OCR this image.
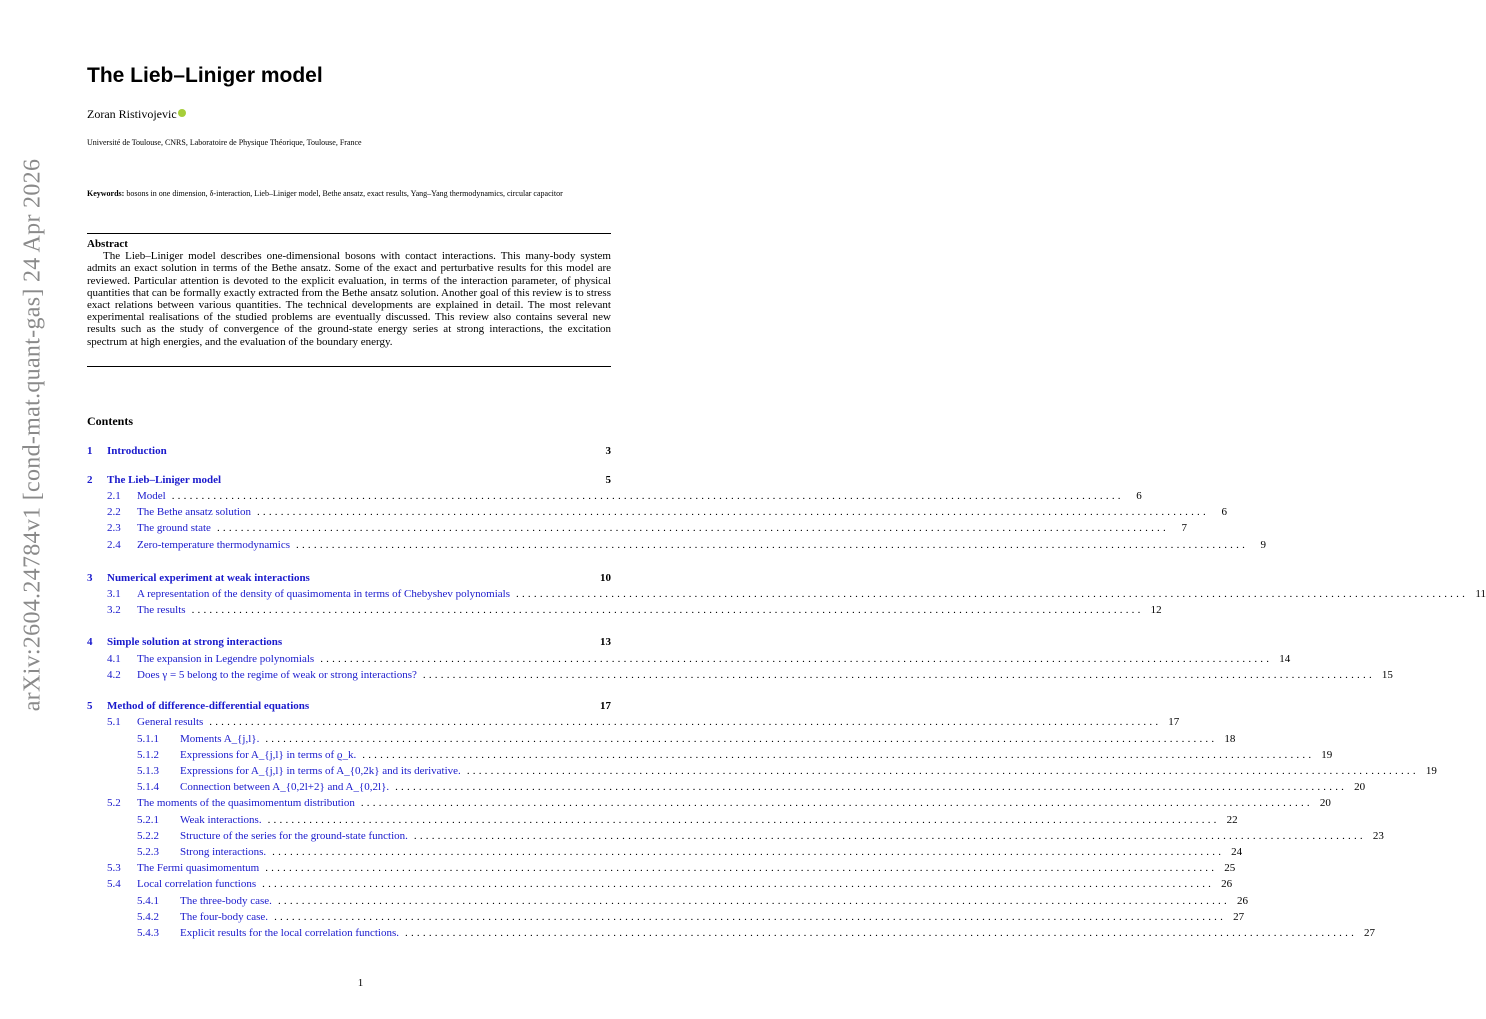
arXiv:2604.24784v1 [cond-mat.quant-gas] 24 Apr 2026
The Lieb–Liniger model
Zoran Ristivojevic
Université de Toulouse, CNRS, Laboratoire de Physique Théorique, Toulouse, France
Keywords: bosons in one dimension, δ-interaction, Lieb–Liniger model, Bethe ansatz, exact results, Yang–Yang thermodynamics, circular capacitor
Abstract

The Lieb–Liniger model describes one-dimensional bosons with contact interactions. This many-body system admits an exact solution in terms of the Bethe ansatz. Some of the exact and perturbative results for this model are reviewed. Particular attention is devoted to the explicit evaluation, in terms of the interaction parameter, of physical quantities that can be formally exactly extracted from the Bethe ansatz solution. Another goal of this review is to stress exact relations between various quantities. The technical developments are explained in detail. The most relevant experimental realisations of the studied problems are eventually discussed. This review also contains several new results such as the study of convergence of the ground-state energy series at strong interactions, the excitation spectrum at high energies, and the evaluation of the boundary energy.

Contents
1	Introduction	3
2	The Lieb–Liniger model	5
2.1	Model ................................................................................................................................................................	6
2.2	The Bethe ansatz solution ................................................................................................................................................................	6
2.3	The ground state ................................................................................................................................................................	7
2.4	Zero-temperature thermodynamics ................................................................................................................................................................	9
3	Numerical experiment at weak interactions	10
3.1	A representation of the density of quasimomenta in terms of Chebyshev polynomials ................................................................................................................................................................ 11
3.2	The results ................................................................................................................................................................ 12
4	Simple solution at strong interactions	13
4.1	The expansion in Legendre polynomials ................................................................................................................................................................ 14
4.2	Does γ = 5 belong to the regime of weak or strong interactions? ................................................................................................................................................................ 15
5	Method of difference-differential equations	17
5.1	General results ................................................................................................................................................................ 17
5.1.1	Moments A_{j,l}. ................................................................................................................................................................ 18
5.1.2	Expressions for A_{j,l} in terms of ϱ_k. ................................................................................................................................................................ 19
5.1.3	Expressions for A_{j,l} in terms of A_{0,2k} and its derivative. ................................................................................................................................................................ 19
5.1.4	Connection between A_{0,2l+2} and A_{0,2l}. ................................................................................................................................................................ 20
5.2	The moments of the quasimomentum distribution ................................................................................................................................................................ 20
5.2.1	Weak interactions. ................................................................................................................................................................ 22
5.2.2	Structure of the series for the ground-state function. ................................................................................................................................................................ 23
5.2.3	Strong interactions. ................................................................................................................................................................ 24
5.3	The Fermi quasimomentum ................................................................................................................................................................ 25
5.4	Local correlation functions ................................................................................................................................................................ 26
5.4.1	The three-body case. ................................................................................................................................................................ 26
5.4.2	The four-body case. ................................................................................................................................................................ 27
5.4.3	Explicit results for the local correlation functions. ................................................................................................................................................................ 27
1
